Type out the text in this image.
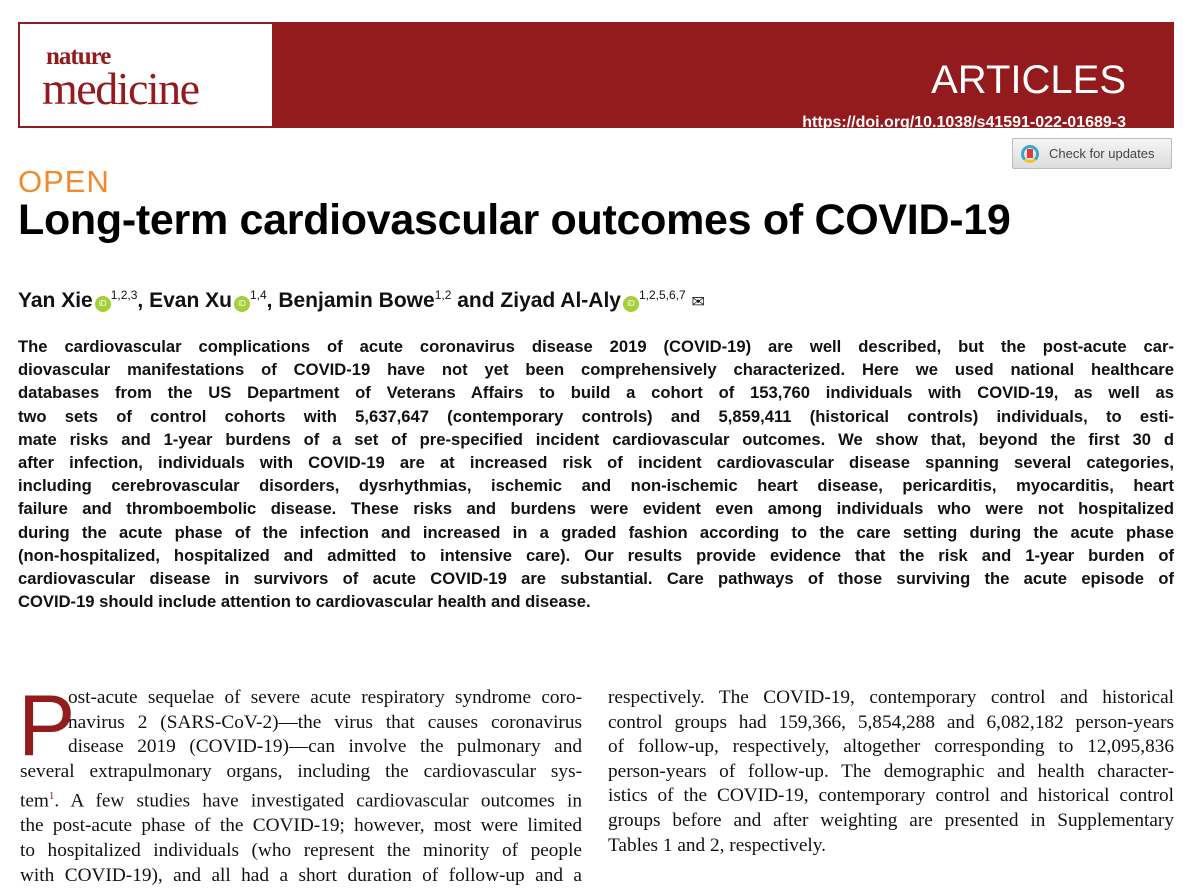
ARTICLES
https://doi.org/10.1038/s41591-022-01689-3
nature
medicine
Check for updates
OPEN
Long-term cardiovascular outcomes of COVID-19
Yan Xie iD$^{1,2,3}$, Evan Xu iD$^{1,4}$, Benjamin Bowe$^{1,2}$ and Ziyad Al-Aly iD$^{1,2,5,6,7}$ ✉
The cardiovascular complications of acute coronavirus disease 2019 (COVID-19) are well described, but the post-acute car-
diovascular manifestations of COVID-19 have not yet been comprehensively characterized. Here we used national healthcare
databases from the US Department of Veterans Affairs to build a cohort of 153,760 individuals with COVID-19, as well as
two sets of control cohorts with 5,637,647 (contemporary controls) and 5,859,411 (historical controls) individuals, to esti-
mate risks and 1-year burdens of a set of pre-specified incident cardiovascular outcomes. We show that, beyond the first 30 d
after infection, individuals with COVID-19 are at increased risk of incident cardiovascular disease spanning several categories,
including cerebrovascular disorders, dysrhythmias, ischemic and non-ischemic heart disease, pericarditis, myocarditis, heart
failure and thromboembolic disease. These risks and burdens were evident even among individuals who were not hospitalized
during the acute phase of the infection and increased in a graded fashion according to the care setting during the acute phase
(non-hospitalized, hospitalized and admitted to intensive care). Our results provide evidence that the risk and 1-year burden of
cardiovascular disease in survivors of acute COVID-19 are substantial. Care pathways of those surviving the acute episode of
COVID-19 should include attention to cardiovascular health and disease.
P
ost-acute sequelae of severe acute respiratory syndrome coro-
navirus 2 (SARS-CoV-2)—the virus that causes coronavirus
disease 2019 (COVID-19)—can involve the pulmonary and
several extrapulmonary organs, including the cardiovascular sys-
tem$^1$. A few studies have investigated cardiovascular outcomes in
the post-acute phase of the COVID-19; however, most were limited
to hospitalized individuals (who represent the minority of people
with COVID-19), and all had a short duration of follow-up and a
respectively. The COVID-19, contemporary control and historical
control groups had 159,366, 5,854,288 and 6,082,182 person-years
of follow-up, respectively, altogether corresponding to 12,095,836
person-years of follow-up. The demographic and health character-
istics of the COVID-19, contemporary control and historical control
groups before and after weighting are presented in Supplementary
Tables 1 and 2, respectively.
